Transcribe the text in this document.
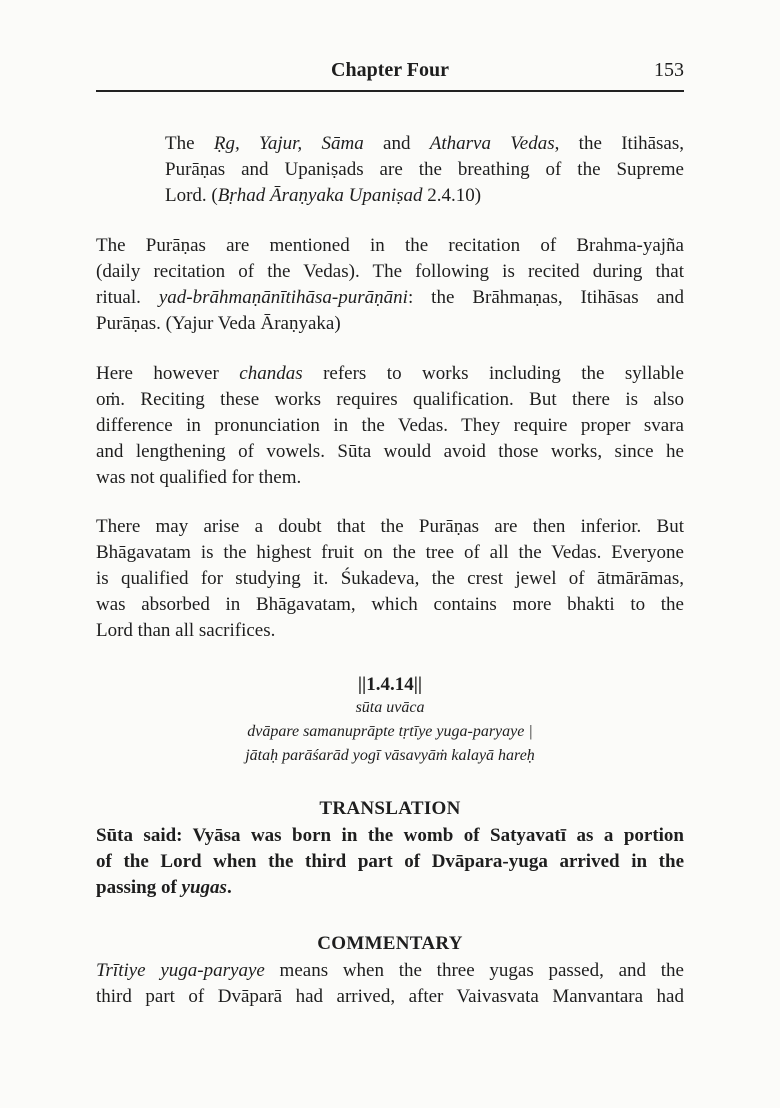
Chapter Four	153
The Ṛg, Yajur, Sāma and Atharva Vedas, the Itihāsas,
Purāṇas and Upaniṣads are the breathing of the Supreme
Lord. (Bṛhad Āraṇyaka Upaniṣad 2.4.10)
The Purāṇas are mentioned in the recitation of Brahma-yajña
(daily recitation of the Vedas). The following is recited during that
ritual. yad-brāhmaṇānītihāsa-purāṇāni: the Brāhmaṇas, Itihāsas and
Purāṇas. (Yajur Veda Āraṇyaka)
Here however chandas refers to works including the syllable
oṁ. Reciting these works requires qualification. But there is also
difference in pronunciation in the Vedas. They require proper svara
and lengthening of vowels. Sūta would avoid those works, since he
was not qualified for them.
There may arise a doubt that the Purāṇas are then inferior. But
Bhāgavatam is the highest fruit on the tree of all the Vedas. Everyone
is qualified for studying it. Śukadeva, the crest jewel of ātmārāmas,
was absorbed in Bhāgavatam, which contains more bhakti to the
Lord than all sacrifices.
||1.4.14||
sūta uvāca
dvāpare samanuprāpte tṛtīye yuga-paryaye |
jātaḥ parāśarād yogī vāsavyāṁ kalayā hareḥ
TRANSLATION
Sūta said: Vyāsa was born in the womb of Satyavatī as a portion
of the Lord when the third part of Dvāpara-yuga arrived in the
passing of yugas.
COMMENTARY
Trītiye yuga-paryaye means when the three yugas passed, and the
third part of Dvāparā had arrived, after Vaivasvata Manvantara had
